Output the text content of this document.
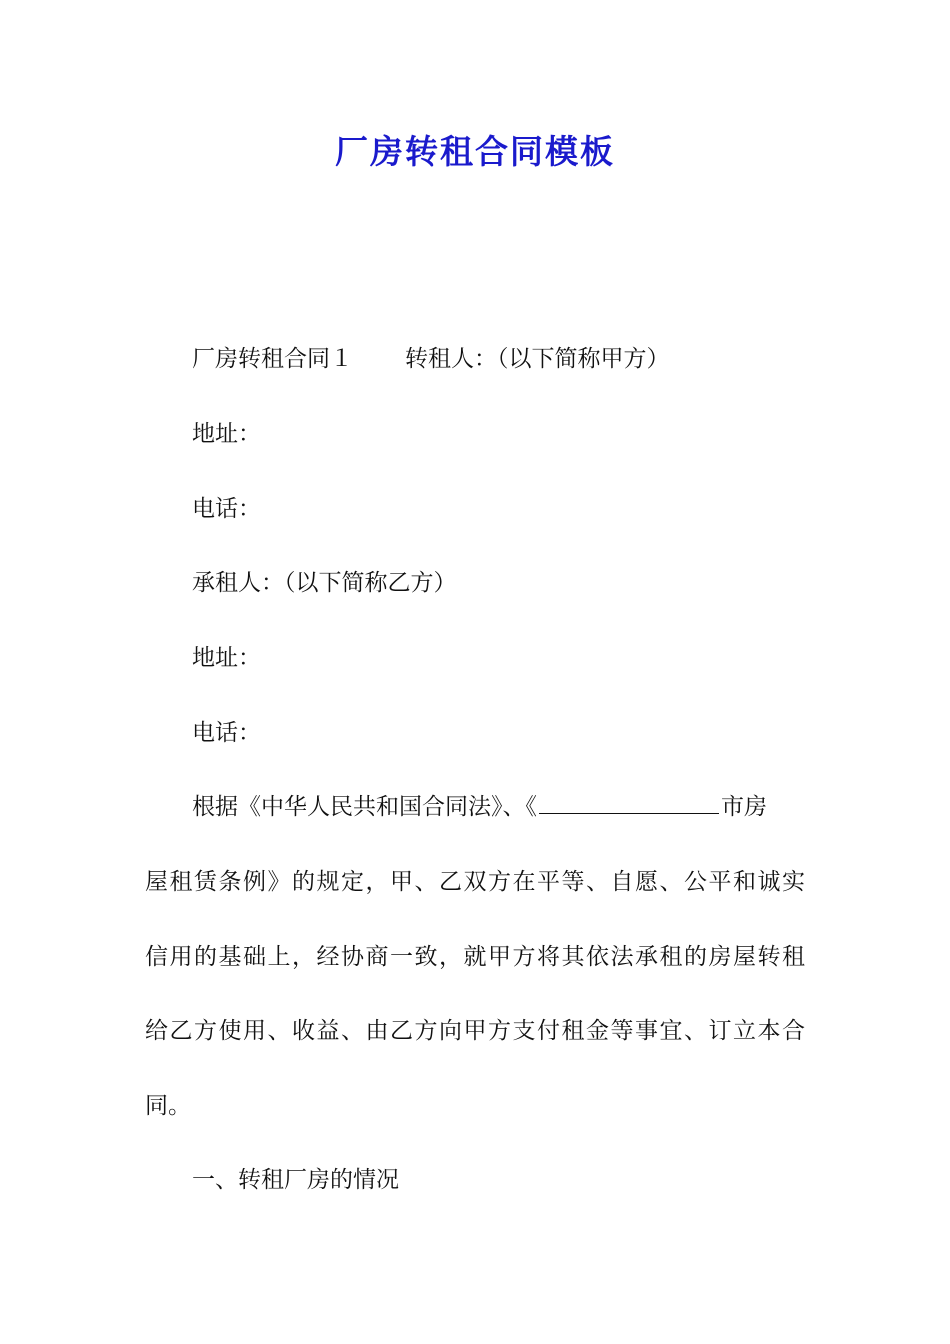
厂房转租合同模板
厂房转租合同１ 转租人：（以下简称甲方）
地址：
电话：
承租人：（以下简称乙方）
地址：
电话：
根据《中华人民共和国合同法》、《	市房
屋租赁条例》的规定，甲、乙双方在平等、自愿、公平和诚实
信用的基础上，经协商一致，就甲方将其依法承租的房屋转租
给乙方使用、收益、由乙方向甲方支付租金等事宜、订立本合
同。
一、转租厂房的情况
